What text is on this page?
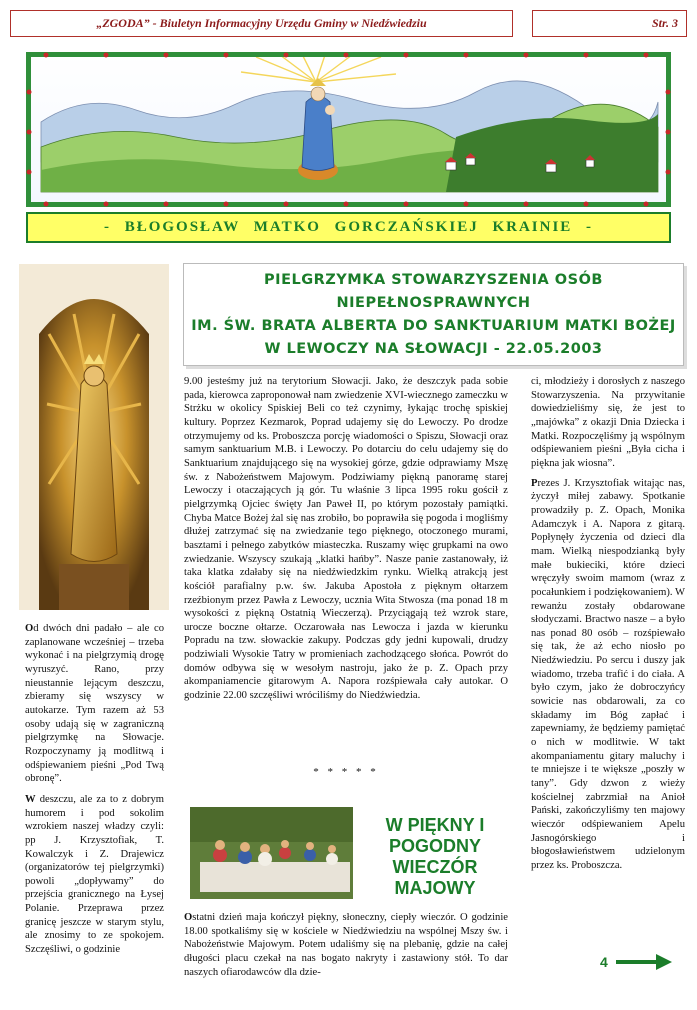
„ZGODA” - Biuletyn Informacyjny Urzędu Gminy w Niedźwiedziu	Str. 3
- BŁOGOSŁAW MATKO GORCZAŃSKIEJ KRAINIE -
PIELGRZYMKA STOWARZYSZENIA OSÓB NIEPEŁNOSPRAWNYCH
IM. ŚW. BRATA ALBERTA DO SANKTUARIUM MATKI BOŻEJ
W LEWOCZY NA SŁOWACJI - 22.05.2003

Od dwóch dni padało – ale co zaplanowane wcześniej – trzeba wykonać i na pielgrzymią drogę wyruszyć. Rano, przy nieustannie lejącym deszczu, zbieramy się wszyscy w autokarze. Tym razem aż 53 osoby udają się w zagraniczną pielgrzymkę na Słowacje. Rozpoczynamy ją modlitwą i odśpiewaniem pieśni „Pod Twą obronę”.

W deszczu, ale za to z dobrym humorem i pod sokolim wzrokiem naszej władzy czyli: pp J. Krzysztofiak, T. Kowalczyk i Z. Drajewicz (organizatorów tej pielgrzymki) powoli „dopływamy” do przejścia granicznego na Łysej Polanie. Przeprawa przez granicę jeszcze w starym stylu, ale znosimy to ze spokojem. Szczęśliwi, o godzinie

9.00 jesteśmy już na terytorium Słowacji. Jako, że deszczyk pada sobie pada, kierowca zaproponował nam zwiedzenie XVI-wiecznego zameczku w Strżku w okolicy Spiskiej Beli co też czynimy, łykając trochę spiskiej kultury. Poprzez Kezmarok, Poprad udajemy się do Lewoczy. Po drodze otrzymujemy od ks. Proboszcza porcję wiadomości o Spiszu, Słowacji oraz samym sanktuarium M.B. i Lewoczy. Po dotarciu do celu udajemy się do Sanktuarium znajdującego się na wysokiej górze, gdzie odprawiamy Mszę św. z Nabożeństwem Majowym. Podziwiamy piękną panoramę starej Lewoczy i otaczających ją gór. Tu właśnie 3 lipca 1995 roku gościł z pielgrzymką Ojciec święty Jan Paweł II, po którym pozostały pamiątki. Chyba Matce Bożej żal się nas zrobiło, bo poprawiła się pogoda i mogliśmy dłużej zatrzymać się na zwiedzanie tego pięknego, otoczonego murami, basztami i pełnego zabytków miasteczka. Ruszamy więc grupkami na owo zwiedzanie. Wszyscy szukają „klatki hańby”. Nasze panie zastanowały, iż taka klatka zdałaby się na niedźwiedzkim rynku. Wielką atrakcją jest kościół parafialny p.w. św. Jakuba Apostoła z pięknym ołtarzem rzeźbionym przez Pawła z Lewoczy, ucznia Wita Stwosza (ma ponad 18 m wysokości z piękną Ostatnią Wieczerzą). Przyciągają też wzrok stare, urocze boczne ołtarze. Oczarowała nas Lewocza i jazda w kierunku Popradu na tzw. słowackie zakupy. Podczas gdy jedni kupowali, drudzy podziwiali Wysokie Tatry w promieniach zachodzącego słońca. Powrót do domów odbywa się w wesołym nastroju, jako że p. Z. Opach przy akompaniamencie gitarowym A. Napora rozśpiewała cały autokar. O godzinie 22.00 szczęśliwi wróciliśmy do Niedźwiedzia.

* * * * *
W PIĘKNY I POGODNY WIECZÓR MAJOWY

Ostatni dzień maja kończył piękny, słoneczny, ciepły wieczór. O godzinie 18.00 spotkaliśmy się w kościele w Niedźwiedziu na wspólnej Mszy św. i Nabożeństwie Majowym. Potem udaliśmy się na plebanię, gdzie na całej długości placu czekał na nas bogato nakryty i zastawiony stół. To dar naszych ofiarodawców dla dzie-

ci, młodzieży i dorosłych z naszego Stowarzyszenia. Na przywitanie dowiedzieliśmy się, że jest to „majówka” z okazji Dnia Dziecka i Matki. Rozpoczęliśmy ją wspólnym odśpiewaniem pieśni „Była cicha i piękna jak wiosna”.

Prezes J. Krzysztofiak witając nas, życzył miłej zabawy. Spotkanie prowadziły p. Z. Opach, Monika Adamczyk i A. Napora z gitarą. Popłynęły życzenia od dzieci dla mam. Wielką niespodzianką były małe bukieciki, które dzieci wręczyły swoim mamom (wraz z pocałunkiem i podziękowaniem). W rewanżu zostały obdarowane słodyczami. Bractwo nasze – a było nas ponad 80 osób – rozśpiewało się tak, że aż echo niosło po Niedźwiedziu. Po sercu i duszy jak wiadomo, trzeba trafić i do ciała. A było czym, jako że dobroczyńcy sowicie nas obdarowali, za co składamy im Bóg zapłać i zapewniamy, że będziemy pamiętać o nich w modlitwie. W takt akompaniamentu gitary maluchy i te mniejsze i te większe „poszły w tany”. Gdy dzwon z wieży kościelnej zabrzmiał na Anioł Pański, zakończyliśmy ten majowy wieczór odśpiewaniem Apelu Jasnogórskiego i błogosławieństwem udzielonym przez ks. Proboszcza.

4
